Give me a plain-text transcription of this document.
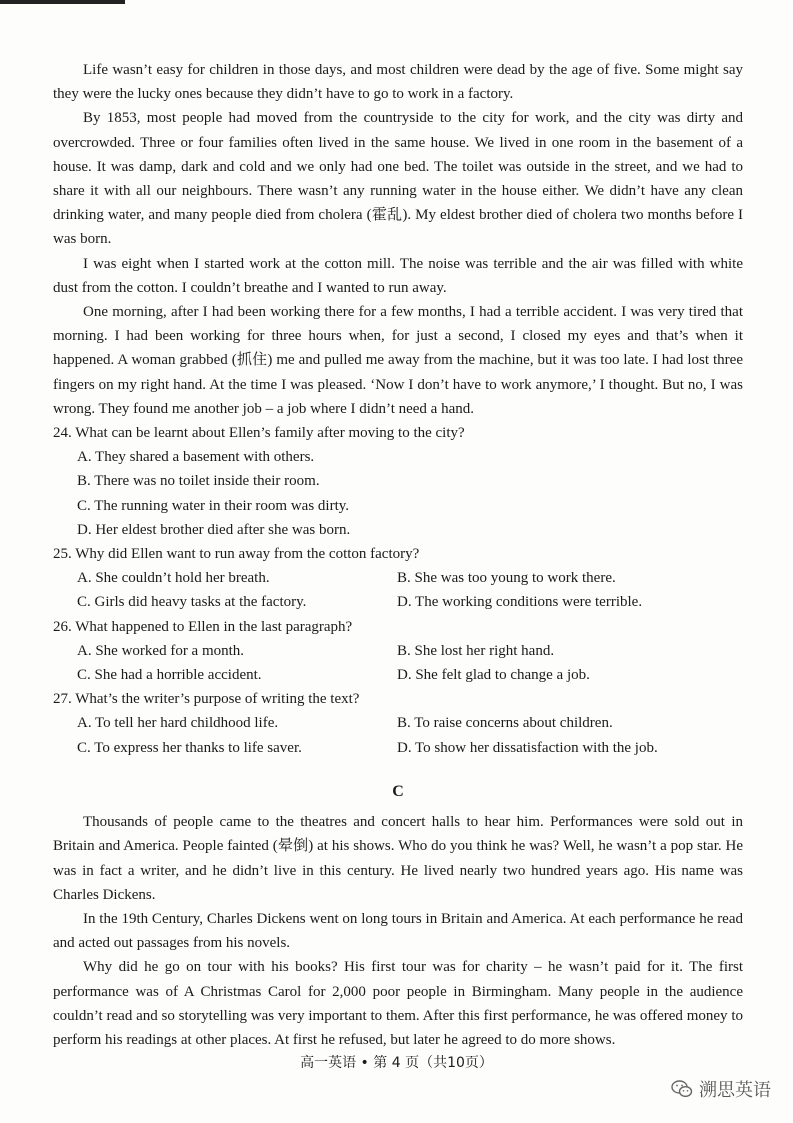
Life wasn’t easy for children in those days, and most children were dead by the age of five. Some might say they were the lucky ones because they didn’t have to go to work in a factory.

By 1853, most people had moved from the countryside to the city for work, and the city was dirty and overcrowded. Three or four families often lived in the same house. We lived in one room in the basement of a house. It was damp, dark and cold and we only had one bed. The toilet was outside in the street, and we had to share it with all our neighbours. There wasn’t any running water in the house either. We didn’t have any clean drinking water, and many people died from cholera (霍乱). My eldest brother died of cholera two months before I was born.

I was eight when I started work at the cotton mill. The noise was terrible and the air was filled with white dust from the cotton. I couldn’t breathe and I wanted to run away.

One morning, after I had been working there for a few months, I had a terrible accident. I was very tired that morning. I had been working for three hours when, for just a second, I closed my eyes and that’s when it happened. A woman grabbed (抓住) me and pulled me away from the machine, but it was too late. I had lost three fingers on my right hand. At the time I was pleased. ‘Now I don’t have to work anymore,’ I thought. But no, I was wrong. They found me another job – a job where I didn’t need a hand.

24. What can be learnt about Ellen’s family after moving to the city?
A. They shared a basement with others.
B. There was no toilet inside their room.
C. The running water in their room was dirty.
D. Her eldest brother died after she was born.
25. Why did Ellen want to run away from the cotton factory?
A. She couldn’t hold her breath.	B. She was too young to work there.
C. Girls did heavy tasks at the factory.	D. The working conditions were terrible.
26. What happened to Ellen in the last paragraph?
A. She worked for a month.	B. She lost her right hand.
C. She had a horrible accident.	D. She felt glad to change a job.
27. What’s the writer’s purpose of writing the text?
A. To tell her hard childhood life.	B. To raise concerns about children.
C. To express her thanks to life saver.	D. To show her dissatisfaction with the job.
C

Thousands of people came to the theatres and concert halls to hear him. Performances were sold out in Britain and America. People fainted (晕倒) at his shows. Who do you think he was? Well, he wasn’t a pop star. He was in fact a writer, and he didn’t live in this century. He lived nearly two hundred years ago. His name was Charles Dickens.

In the 19th Century, Charles Dickens went on long tours in Britain and America. At each performance he read and acted out passages from his novels.

Why did he go on tour with his books? His first tour was for charity – he wasn’t paid for it. The first performance was of A Christmas Carol for 2,000 poor people in Birmingham. Many people in the audience couldn’t read and so storytelling was very important to them. After this first performance, he was offered money to perform his readings at other places. At first he refused, but later he agreed to do more shows.

高一英语 • 第 4 页（共10页）
溯思英语
